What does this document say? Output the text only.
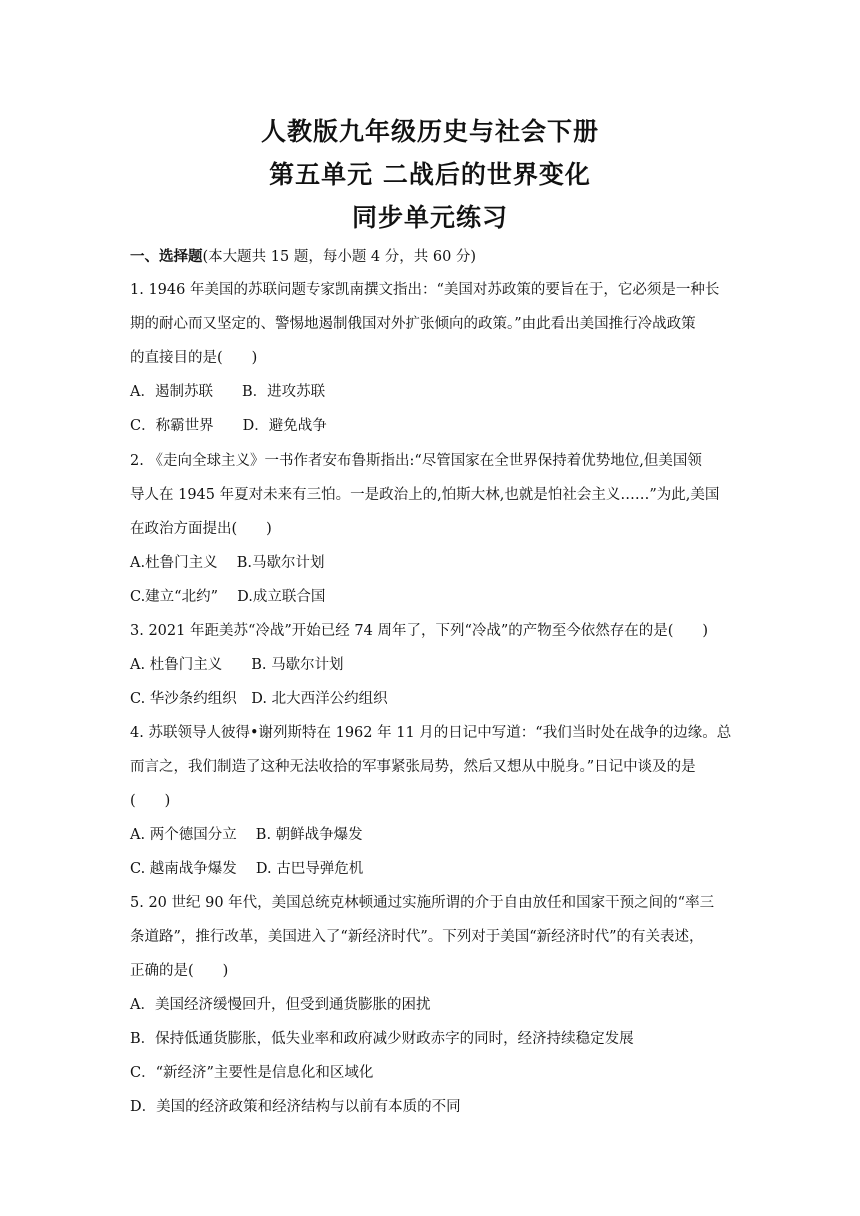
人教版九年级历史与社会下册
第五单元 二战后的世界变化
同步单元练习
一、选择题(本大题共 15 题，每小题 4 分，共 60 分)
1. 1946 年美国的苏联问题专家凯南撰文指出：“美国对苏政策的要旨在于，它必须是一种长
期的耐心而又坚定的、警惕地遏制俄国对外扩张倾向的政策。”由此看出美国推行冷战政策
的直接目的是(　　)
A．遏制苏联　　B．进攻苏联
C．称霸世界　　D．避免战争
2. 《走向全球主义》一书作者安布鲁斯指出:“尽管国家在全世界保持着优势地位,但美国领
导人在 1945 年夏对未来有三怕。一是政治上的,怕斯大林,也就是怕社会主义……”为此,美国
在政治方面提出(　　)
A.杜鲁门主义　 B.马歇尔计划
C.建立“北约”　 D.成立联合国
3. 2021 年距美苏“冷战”开始已经 74 周年了，下列“冷战”的产物至今依然存在的是(　　)
A. 杜鲁门主义　　B. 马歇尔计划
C. 华沙条约组织　D. 北大西洋公约组织
4. 苏联领导人彼得•谢列斯特在 1962 年 11 月的日记中写道：“我们当时处在战争的边缘。总
而言之，我们制造了这种无法收拾的军事紧张局势，然后又想从中脱身。”日记中谈及的是
(　　)
A. 两个德国分立　 B. 朝鲜战争爆发
C. 越南战争爆发　 D. 古巴导弹危机
5. 20 世纪 90 年代，美国总统克林顿通过实施所谓的介于自由放任和国家干预之间的“率三
条道路”，推行改革，美国进入了“新经济时代”。下列对于美国“新经济时代”的有关表述，
正确的是(　　)
A．美国经济缓慢回升，但受到通货膨胀的困扰
B．保持低通货膨胀，低失业率和政府减少财政赤字的同时，经济持续稳定发展
C．“新经济”主要性是信息化和区域化
D．美国的经济政策和经济结构与以前有本质的不同
